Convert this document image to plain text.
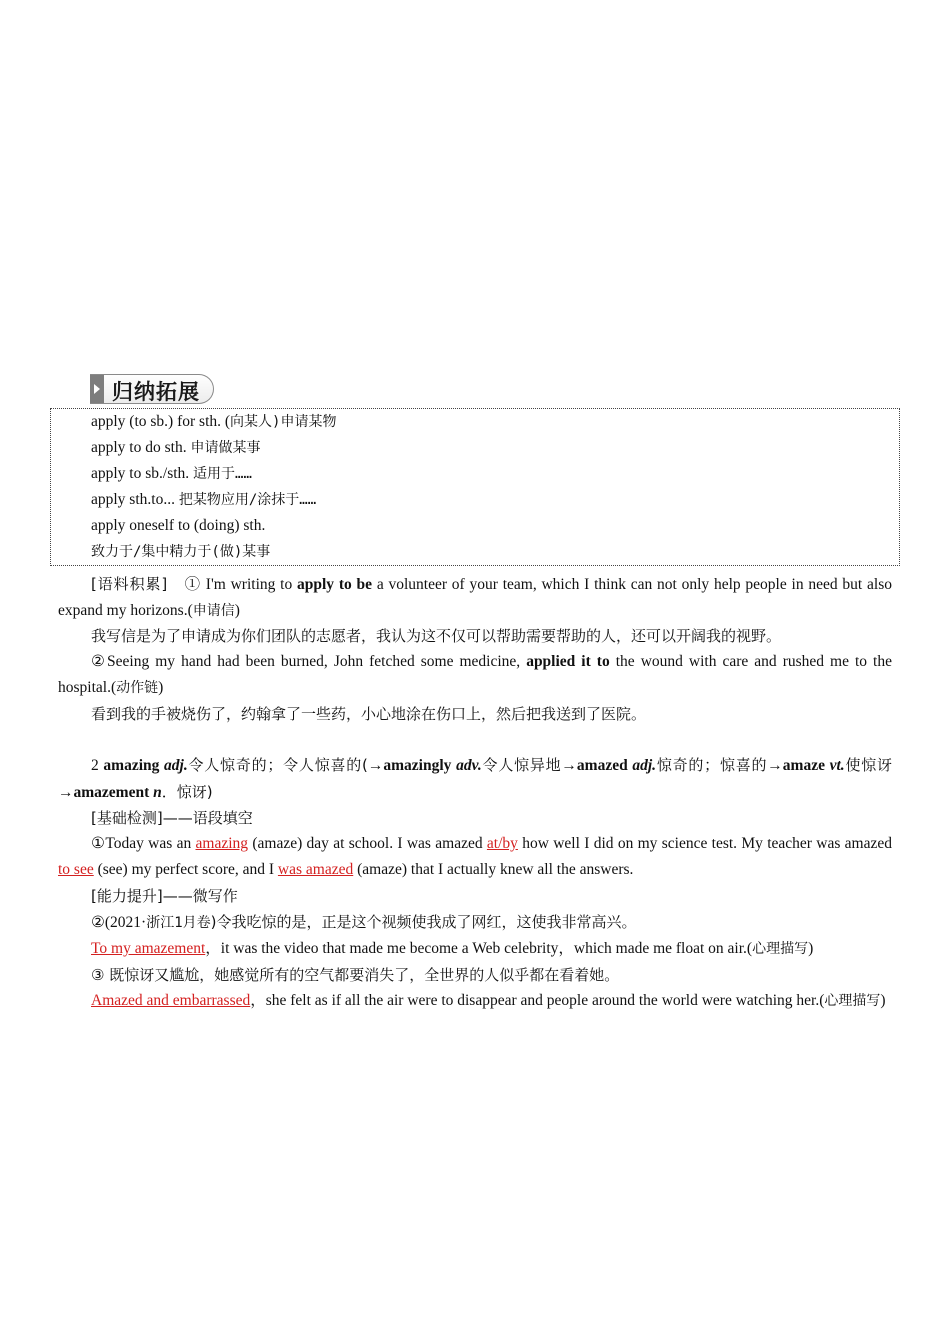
归纳拓展
apply (to sb.) for sth. (向某人)申请某物
apply to do sth. 申请做某事
apply to sb./sth. 适用于……
apply sth.to... 把某物应用/涂抹于……
apply oneself to (doing) sth.
致力于/集中精力于(做)某事
[语料积累]　 ① I'm writing to apply to be a volunteer of your team, which I think can not only help people in need but also expand my horizons.(申请信)
我写信是为了申请成为你们团队的志愿者，我认为这不仅可以帮助需要帮助的人，还可以开阔我的视野。
②Seeing my hand had been burned, John fetched some medicine, applied it to the wound with care and rushed me to the hospital.(动作链)
看到我的手被烧伤了，约翰拿了一些药，小心地涂在伤口上，然后把我送到了医院。
2 amazing adj.令人惊奇的；令人惊喜的(→amazingly adv.令人惊异地→amazed adj.惊奇的；惊喜的→amaze vt.使惊讶→amazement n．惊讶)
[基础检测]——语段填空
①Today was an amazing (amaze) day at school. I was amazed at/by how well I did on my science test. My teacher was amazed to see (see) my perfect score, and I was amazed (amaze) that I actually knew all the answers.
[能力提升]——微写作
②(2021·浙江1月卷)令我吃惊的是，正是这个视频使我成了网红，这使我非常高兴。
To my amazement，it was the video that made me become a Web celebrity，which made me float on air.(心理描写)
③ 既惊讶又尴尬，她感觉所有的空气都要消失了，全世界的人似乎都在看着她。
Amazed and embarrassed，she felt as if all the air were to disappear and people around the world were watching her.(心理描写)
